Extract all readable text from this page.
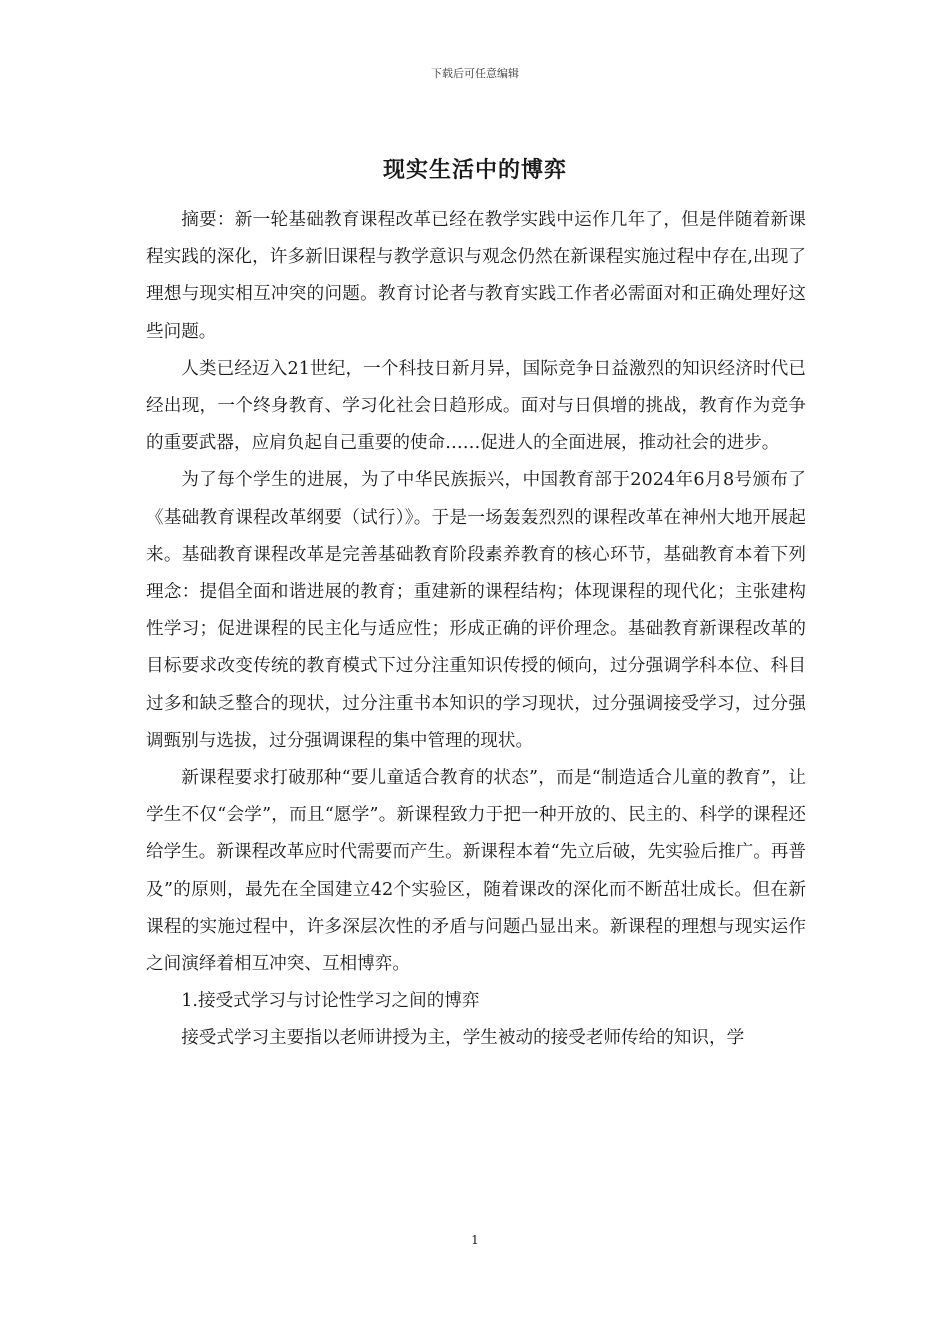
下载后可任意编辑
现实生活中的博弈

摘要：新一轮基础教育课程改革已经在教学实践中运作几年了，但是伴随着新课程实践的深化，许多新旧课程与教学意识与观念仍然在新课程实施过程中存在,出现了理想与现实相互冲突的问题。教育讨论者与教育实践工作者必需面对和正确处理好这些问题。

人类已经迈入21世纪，一个科技日新月异，国际竞争日益激烈的知识经济时代已经出现，一个终身教育、学习化社会日趋形成。面对与日俱增的挑战，教育作为竞争的重要武器，应肩负起自己重要的使命……促进人的全面进展，推动社会的进步。

为了每个学生的进展，为了中华民族振兴，中国教育部于2024年6月8号颁布了《基础教育课程改革纲要（试行）》。于是一场轰轰烈烈的课程改革在神州大地开展起来。基础教育课程改革是完善基础教育阶段素养教育的核心环节，基础教育本着下列理念：提倡全面和谐进展的教育；重建新的课程结构；体现课程的现代化；主张建构性学习；促进课程的民主化与适应性；形成正确的评价理念。基础教育新课程改革的目标要求改变传统的教育模式下过分注重知识传授的倾向，过分强调学科本位、科目过多和缺乏整合的现状，过分注重书本知识的学习现状，过分强调接受学习，过分强调甄别与选拔，过分强调课程的集中管理的现状。

新课程要求打破那种“要儿童适合教育的状态”，而是“制造适合儿童的教育”，让学生不仅“会学”，而且“愿学”。新课程致力于把一种开放的、民主的、科学的课程还给学生。新课程改革应时代需要而产生。新课程本着“先立后破，先实验后推广。再普及”的原则，最先在全国建立42个实验区，随着课改的深化而不断茁壮成长。但在新课程的实施过程中，许多深层次性的矛盾与问题凸显出来。新课程的理想与现实运作之间演绎着相互冲突、互相博弈。

1.接受式学习与讨论性学习之间的博弈

接受式学习主要指以老师讲授为主，学生被动的接受老师传给的知识，学

1
